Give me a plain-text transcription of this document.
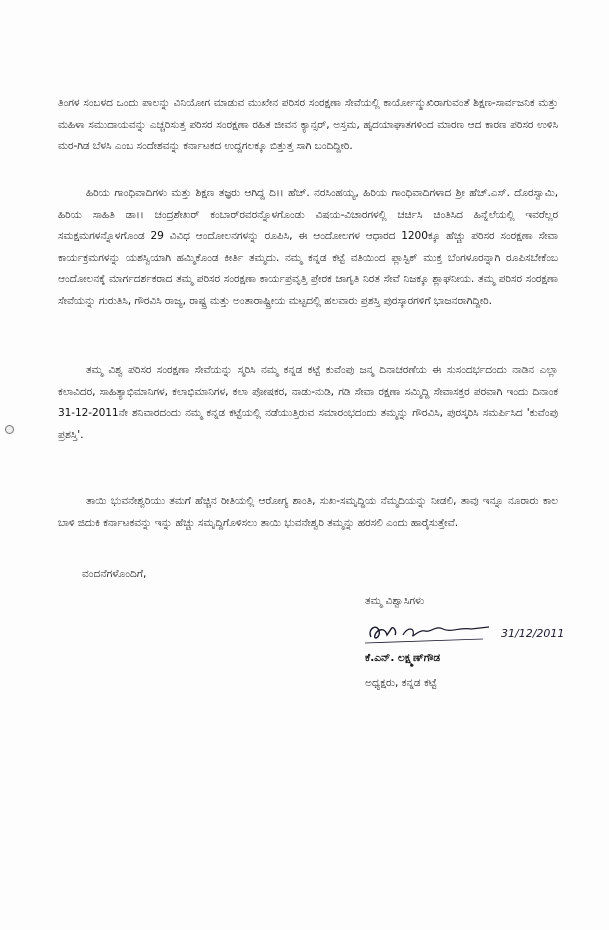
ತಿಂಗಳ ಸಂಬಳದ ಒಂದು ಪಾಲನ್ನು ವಿನಿಯೋಗ ಮಾಡುವ ಮುಖೇನ ಪರಿಸರ ಸಂರಕ್ಷಣಾ ಸೇವೆಯಲ್ಲಿ ಕಾರ್ಯೋನ್ಮುಖಿರಾಗುವಂತೆ ಶಿಕ್ಷಣ-ಸಾರ್ವಜನಿಕ ಮತ್ತು ಮಹಿಳಾ ಸಮುದಾಯವನ್ನು ಎಚ್ಚರಿಸುತ್ತ ಪರಿಸರ ಸಂರಕ್ಷಣಾ ರಹಿತ ಜೀವನ ಕ್ಯಾನ್ಸರ್, ಅಸ್ತಮ, ಹೃದಯಾಘಾತಗಳಿಂದ ಮಾರಣ ಆದ ಕಾರಣ ಪರಿಸರ ಉಳಿಸಿ ಮರ-ಗಿಡ ಬೆಳಸಿ ಎಂಬ ಸಂದೇಶವನ್ನು ಕರ್ನಾಟಕದ ಉದ್ದಗಲಕ್ಕೂ ಬಿತ್ತುತ್ತ ಸಾಗಿ ಬಂದಿದ್ದೀರಿ.

ಹಿರಿಯ ಗಾಂಧಿವಾದಿಗಳು ಮತ್ತು ಶಿಕ್ಷಣ ತಜ್ಞರು ಆಗಿದ್ದ ದಿ।। ಹೆಚ್. ನರಸಿಂಹಯ್ಯ, ಹಿರಿಯ ಗಾಂಧಿವಾದಿಗಳಾದ ಶ್ರೀ ಹೆಚ್.ಎಸ್. ದೊರಸ್ವಾಮಿ, ಹಿರಿಯ ಸಾಹಿತಿ ಡಾ।। ಚಂದ್ರಶೇಖರ್ ಕಂಬಾರ್‌ರವರನ್ನೊಳಗೊಂಡು ವಿಷಯ-ವಿಚಾರಗಳಲ್ಲಿ ಚರ್ಚಿಸಿ ಚಿಂತಿಸಿದ ಹಿನ್ನೆಲೆಯಲ್ಲಿ ಇವರೆಲ್ಲರ ಸಮಕ್ಷಮಗಳನ್ನೊಳಗೊಂಡ 29 ವಿವಿಧ ಆಂದೋಲನಗಳನ್ನು ರೂಪಿಸಿ, ಈ ಆಂದೋಲಗಳ ಆಧಾರದ 1200ಕ್ಕೂ ಹೆಚ್ಚು ಪರಿಸರ ಸಂರಕ್ಷಣಾ ಸೇವಾ ಕಾರ್ಯಕ್ರಮಗಳನ್ನು ಯಶಸ್ವಿಯಾಗಿ ಹಮ್ಮಿಕೊಂಡ ಕೀರ್ತಿ ತಮ್ಮದು. ನಮ್ಮ ಕನ್ನಡ ಕಟ್ಟೆ ವತಿಯಿಂದ ಪ್ಲಾಸ್ಟಿಕ್ ಮುಕ್ತ ಬೆಂಗಳೂರನ್ನಾಗಿ ರೂಪಿಸಬೇಕೆಂಬ ಆಂದೋಲನಕ್ಕೆ ಮಾರ್ಗದರ್ಶಕರಾದ ತಮ್ಮ ಪರಿಸರ ಸಂರಕ್ಷಣಾ ಕಾರ್ಯಪ್ರವೃತ್ತಿ ಪ್ರೇರಕ ಜಾಗೃತಿ ನಿರತ ಸೇವೆ ನಿಜಕ್ಕೂ ಶ್ಲಾಘನೀಯ. ತಮ್ಮ ಪರಿಸರ ಸಂರಕ್ಷಣಾ ಸೇವೆಯನ್ನು ಗುರುತಿಸಿ, ಗೌರವಿಸಿ ರಾಜ್ಯ, ರಾಷ್ಟ್ರ ಮತ್ತು ಅಂತಾರಾಷ್ಟ್ರೀಯ ಮಟ್ಟದಲ್ಲಿ ಹಲವಾರು ಪ್ರಶಸ್ತಿ ಪುರಸ್ಕಾರಗಳಿಗೆ ಭಾಜನರಾಗಿದ್ದೀರಿ.

ತಮ್ಮ ವಿಶ್ವ ಪರಿಸರ ಸಂರಕ್ಷಣಾ ಸೇವೆಯನ್ನು ಸ್ಮರಿಸಿ ನಮ್ಮ ಕನ್ನಡ ಕಟ್ಟೆ ಕುವೆಂಪು ಜನ್ಮ ದಿನಾಚರಣೆಯ ಈ ಸುಸಂದರ್ಭದಂದು ನಾಡಿನ ಎಲ್ಲಾ ಕಲಾವಿದರ, ಸಾಹಿತ್ಯಾಭಿಮಾನಿಗಳ, ಕಲಾಭಿಮಾನಿಗಳ, ಕಲಾ ಪೋಷಕರ, ನಾಡು-ನುಡಿ, ಗಡಿ ಸೇವಾ ರಕ್ಷಣಾ ಸಮ್ಮಿದ್ದಿ ಸೇವಾಸಕ್ತರ ಪರವಾಗಿ ಇಂದು ದಿನಾಂಕ 31-12-2011ನೇ ಶನಿವಾರದಂದು ನಮ್ಮ ಕನ್ನಡ ಕಟ್ಟೆಯಲ್ಲಿ ನಡೆಯುತ್ತಿರುವ ಸಮಾರಂಭದಂದು ತಮ್ಮನ್ನು ಗೌರವಿಸಿ, ಪುರಸ್ಕರಿಸಿ ಸಮರ್ಪಿಸಿದ 'ಕುವೆಂಪು ಪ್ರಶಸ್ತಿ'.

ತಾಯಿ ಭುವನೇಶ್ವರಿಯು ತಮಗೆ ಹೆಚ್ಚಿನ ರೀತಿಯಲ್ಲಿ ಆರೋಗ್ಯ ಶಾಂತಿ, ಸುಖ-ಸಮೃದ್ಧಿಯ ನೆಮ್ಮದಿಯನ್ನು ನೀಡಲಿ, ತಾವು ಇನ್ನೂ ನೂರಾರು ಕಾಲ ಬಾಳಿ ಜಿದುಕಿ ಕರ್ನಾಟಕವನ್ನು ಇನ್ನು ಹೆಚ್ಚು ಸಮೃದ್ದಿಗೊಳಿಸಲು ತಾಯಿ ಭುವನೇಶ್ವರಿ ತಮ್ಮನ್ನು ಹರಸಲಿ ಎಂದು ಹಾರೈಸುತ್ತೇವೆ.

ವಂದನೆಗಳೊಂದಿಗೆ,

ತಮ್ಮ ವಿಶ್ವಾಸಿಗಳು

31/12/2011

ಕೆ.ಎನ್. ಲಕ್ಷ್ಮಣ್‌ಗೌಡ

ಅಧ್ಯಕ್ಷರು, ಕನ್ನಡ ಕಟ್ಟೆ
